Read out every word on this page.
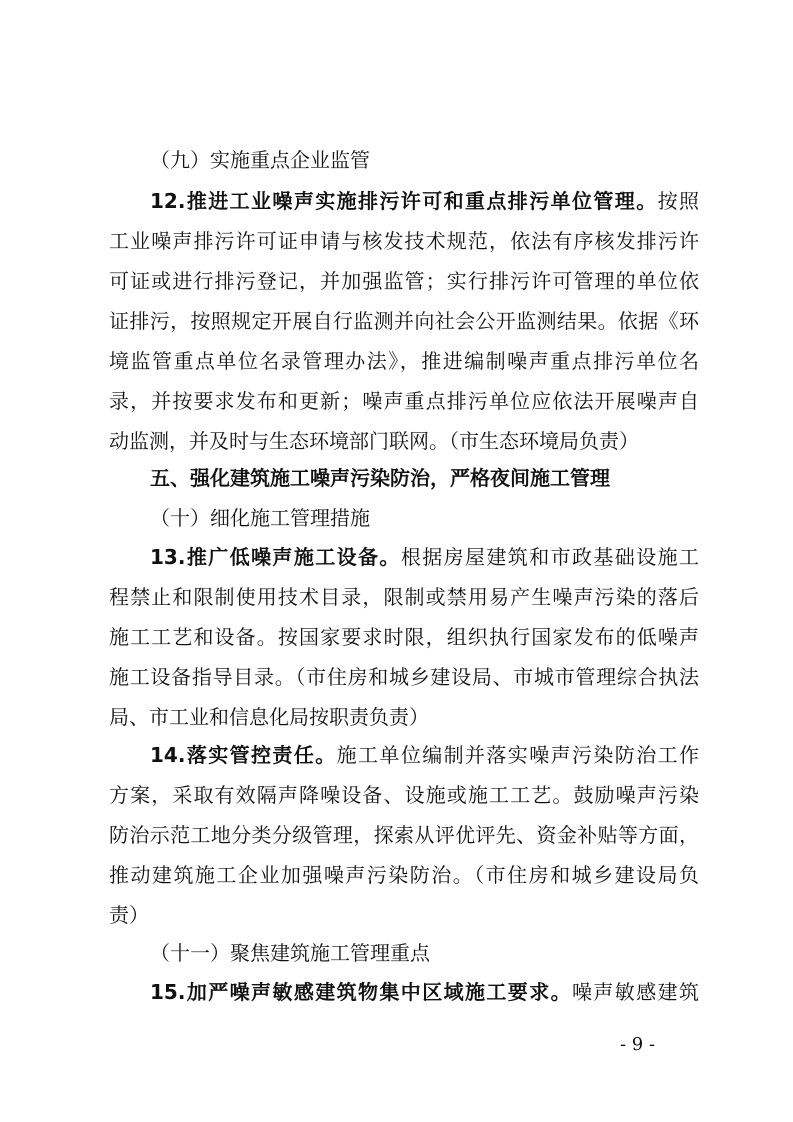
（九）实施重点企业监管
12.推进工业噪声实施排污许可和重点排污单位管理。按照
工业噪声排污许可证申请与核发技术规范，依法有序核发排污许
可证或进行排污登记，并加强监管；实行排污许可管理的单位依
证排污，按照规定开展自行监测并向社会公开监测结果。依据《环
境监管重点单位名录管理办法》，推进编制噪声重点排污单位名
录，并按要求发布和更新；噪声重点排污单位应依法开展噪声自
动监测，并及时与生态环境部门联网。（市生态环境局负责）
五、强化建筑施工噪声污染防治，严格夜间施工管理
（十）细化施工管理措施
13.推广低噪声施工设备。根据房屋建筑和市政基础设施工
程禁止和限制使用技术目录，限制或禁用易产生噪声污染的落后
施工工艺和设备。按国家要求时限，组织执行国家发布的低噪声
施工设备指导目录。（市住房和城乡建设局、市城市管理综合执法
局、市工业和信息化局按职责负责）
14.落实管控责任。施工单位编制并落实噪声污染防治工作
方案，采取有效隔声降噪设备、设施或施工工艺。鼓励噪声污染
防治示范工地分类分级管理，探索从评优评先、资金补贴等方面，
推动建筑施工企业加强噪声污染防治。（市住房和城乡建设局负
责）
（十一）聚焦建筑施工管理重点
15.加严噪声敏感建筑物集中区域施工要求。噪声敏感建筑
- 9 -
